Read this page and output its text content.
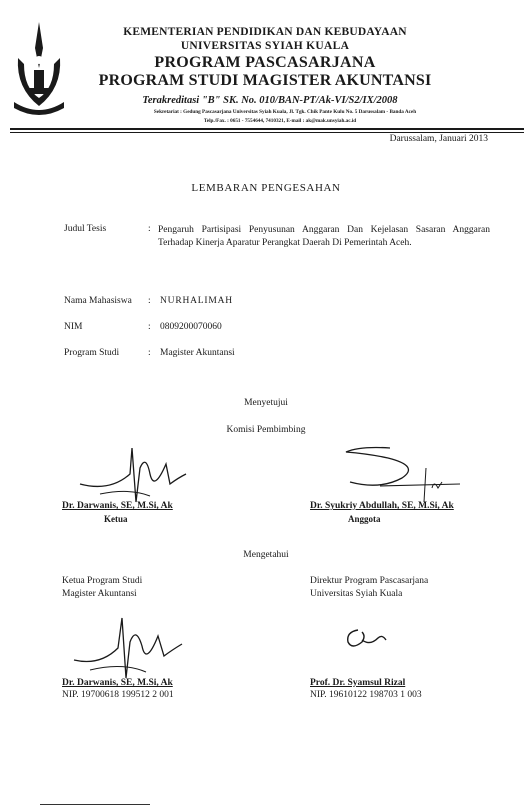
KEMENTERIAN PENDIDIKAN DAN KEBUDAYAAN
UNIVERSITAS SYIAH KUALA
PROGRAM PASCASARJANA
PROGRAM STUDI MAGISTER AKUNTANSI
Terakreditasi "B" SK. No. 010/BAN-PT/Ak-VI/S2/IX/2008
Sekretariat : Gedung Pascasarjana Universitas Syiah Kuala, Jl. Tgk. Chik Pante Kulu No. 5 Darussalam - Banda Aceh
Telp./Fax. : 0651 - 7554644, 7410321, E-mail : ak@mak.unsyiah.ac.id
Darussalam, Januari 2013
LEMBARAN PENGESAHAN
Judul Tesis	: Pengaruh Partisipasi Penyusunan Anggaran Dan Kejelasan Sasaran Anggaran Terhadap Kinerja Aparatur Perangkat Daerah Di Pemerintah Aceh.
Nama Mahasiswa : NURHALIMAH
NIM	: 0809200070060
Program Studi	: Magister Akuntansi
Menyetujui
Komisi Pembimbing
Dr. Darwanis, SE, M.Si, Ak
Ketua
Dr. Syukriy Abdullah, SE, M.Si, Ak
Anggota
Mengetahui
Ketua Program Studi
Magister Akuntansi
Direktur Program Pascasarjana
Universitas Syiah Kuala
Dr. Darwanis, SE, M.Si, Ak
NIP. 19700618 199512 2 001
Prof. Dr. Syamsul Rizal
NIP. 19610122 198703 1 003
